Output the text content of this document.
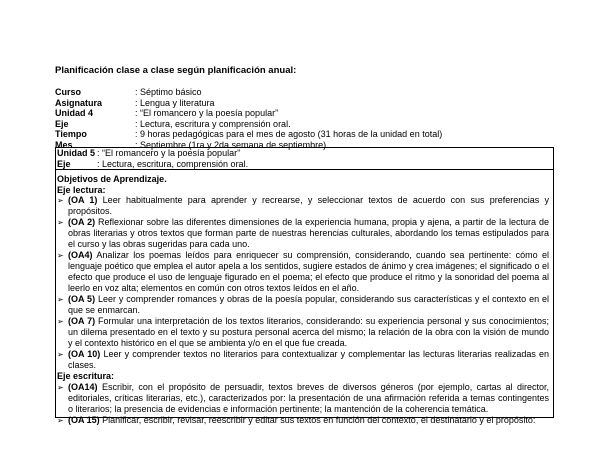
Planificación clase a clase según planificación anual:
Curso	: Séptimo básico
Asignatura	: Lengua y literatura
Unidad 4	: “El romancero y la poesía popular”
Eje	: Lectura, escritura y comprensión oral.
Tiempo	: 9 horas pedagógicas para el mes de agosto (31 horas de la unidad en total)
Mes	: Septiembre (1ra y 2da semana de septiembre)
Unidad 5 : “El romancero y la poesía popular”
Eje	: Lectura, escritura, comprensión oral.
Objetivos de Aprendizaje.
Eje lectura:
➢ (OA 1) Leer habitualmente para aprender y recrearse, y seleccionar textos de acuerdo con sus preferencias y propósitos.
➢ (OA 2) Reflexionar sobre las diferentes dimensiones de la experiencia humana, propia y ajena, a partir de la lectura de obras literarias y otros textos que forman parte de nuestras herencias culturales, abordando los temas estipulados para el curso y las obras sugeridas para cada uno.
➢ (OA4) Analizar los poemas leídos para enriquecer su comprensión, considerando, cuando sea pertinente: cómo el lenguaje poético que emplea el autor apela a los sentidos, sugiere estados de ánimo y crea imágenes; el significado o el efecto que produce el uso de lenguaje figurado en el poema; el efecto que produce el ritmo y la sonoridad del poema al leerlo en voz alta; elementos en común con otros textos leídos en el año.
➢ (OA 5) Leer y comprender romances y obras de la poesía popular, considerando sus características y el contexto en el que se enmarcan.
➢ (OA 7) Formular una interpretación de los textos literarios, considerando: su experiencia personal y sus conocimientos; un dilema presentado en el texto y su postura personal acerca del mismo; la relación de la obra con la visión de mundo y el contexto histórico en el que se ambienta y/o en el que fue creada.
➢ (OA 10) Leer y comprender textos no literarios para contextualizar y complementar las lecturas literarias realizadas en clases.
Eje escritura:
➢ (OA14) Escribir, con el propósito de persuadir, textos breves de diversos géneros (por ejemplo, cartas al director, editoriales, críticas literarias, etc.), caracterizados por: la presentación de una afirmación referida a temas contingentes o literarios; la presencia de evidencias e información pertinente; la mantención de la coherencia temática.
➢ (OA 15) Planificar, escribir, revisar, reescribir y editar sus textos en función del contexto, el destinatario y el propósito:
